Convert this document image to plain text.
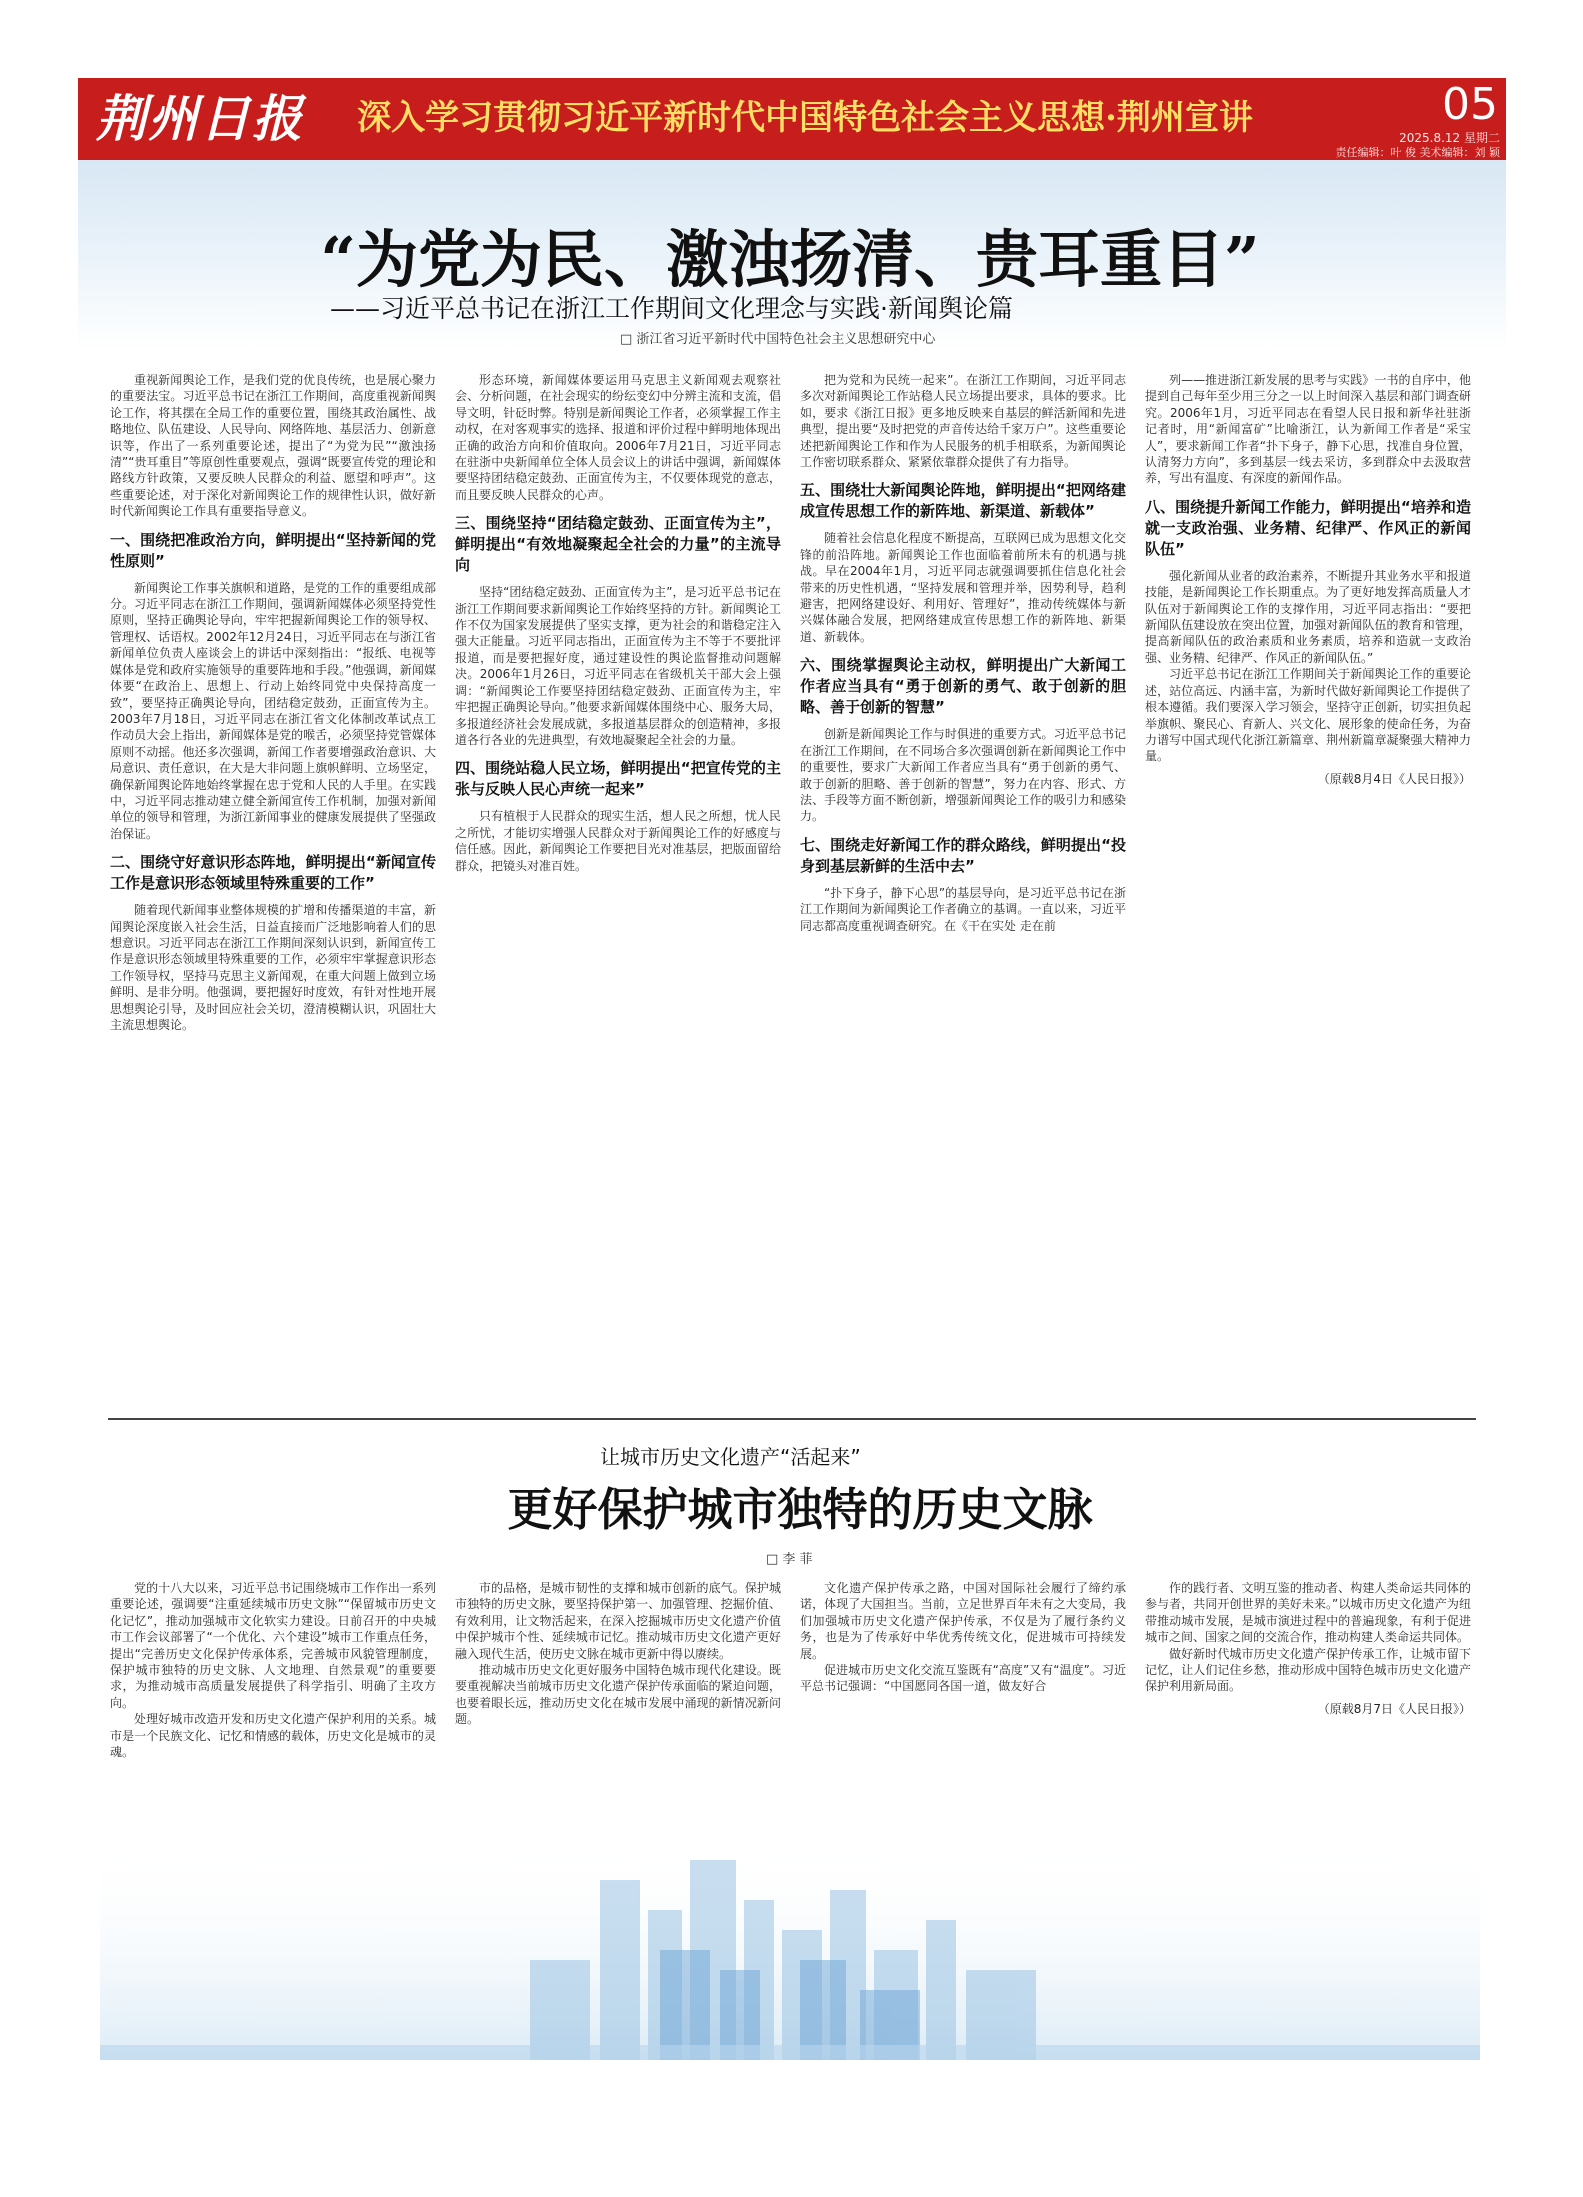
荆州日报	深入学习贯彻习近平新时代中国特色社会主义思想·荆州宣讲	05
2025.8.12 星期二
责任编辑：叶 俊 美术编辑：刘 颖
“为党为民、激浊扬清、贵耳重目”
——习近平总书记在浙江工作期间文化理念与实践·新闻舆论篇
□ 浙江省习近平新时代中国特色社会主义思想研究中心

重视新闻舆论工作，是我们党的优良传统，也是展心聚力的重要法宝。习近平总书记在浙江工作期间，高度重视新闻舆论工作，将其摆在全局工作的重要位置，围绕其政治属性、战略地位、队伍建设、人民导向、网络阵地、基层活力、创新意识等，作出了一系列重要论述，提出了“为党为民”“激浊扬清”“贵耳重目”等原创性重要观点，强调“既要宣传党的理论和路线方针政策，又要反映人民群众的利益、愿望和呼声”。这些重要论述，对于深化对新闻舆论工作的规律性认识，做好新时代新闻舆论工作具有重要指导意义。

一、围绕把准政治方向，鲜明提出“坚持新闻的党性原则”

新闻舆论工作事关旗帜和道路，是党的工作的重要组成部分。习近平同志在浙江工作期间，强调新闻媒体必须坚持党性原则，坚持正确舆论导向，牢牢把握新闻舆论工作的领导权、管理权、话语权。2002年12月24日，习近平同志在与浙江省新闻单位负责人座谈会上的讲话中深刻指出：“报纸、电视等媒体是党和政府实施领导的重要阵地和手段。”他强调，新闻媒体要“在政治上、思想上、行动上始终同党中央保持高度一致”，要坚持正确舆论导向，团结稳定鼓劲，正面宣传为主。2003年7月18日，习近平同志在浙江省文化体制改革试点工作动员大会上指出，新闻媒体是党的喉舌，必须坚持党管媒体原则不动摇。他还多次强调，新闻工作者要增强政治意识、大局意识、责任意识，在大是大非问题上旗帜鲜明、立场坚定，确保新闻舆论阵地始终掌握在忠于党和人民的人手里。在实践中，习近平同志推动建立健全新闻宣传工作机制，加强对新闻单位的领导和管理，为浙江新闻事业的健康发展提供了坚强政治保证。

二、围绕守好意识形态阵地，鲜明提出“新闻宣传工作是意识形态领域里特殊重要的工作”

随着现代新闻事业整体规模的扩增和传播渠道的丰富，新闻舆论深度嵌入社会生活，日益直接而广泛地影响着人们的思想意识。习近平同志在浙江工作期间深刻认识到，新闻宣传工作是意识形态领域里特殊重要的工作，必须牢牢掌握意识形态工作领导权，坚持马克思主义新闻观，在重大问题上做到立场鲜明、是非分明。他强调，要把握好时度效，有针对性地开展思想舆论引导，及时回应社会关切，澄清模糊认识，巩固壮大主流思想舆论。

形态环境，新闻媒体要运用马克思主义新闻观去观察社会、分析问题，在社会现实的纷纭变幻中分辨主流和支流，倡导文明，针砭时弊。特别是新闻舆论工作者，必须掌握工作主动权，在对客观事实的选择、报道和评价过程中鲜明地体现出正确的政治方向和价值取向。2006年7月21日，习近平同志在驻浙中央新闻单位全体人员会议上的讲话中强调，新闻媒体要坚持团结稳定鼓劲、正面宣传为主，不仅要体现党的意志，而且要反映人民群众的心声。

三、围绕坚持“团结稳定鼓劲、正面宣传为主”，鲜明提出“有效地凝聚起全社会的力量”的主流导向

坚持“团结稳定鼓劲、正面宣传为主”，是习近平总书记在浙江工作期间要求新闻舆论工作始终坚持的方针。新闻舆论工作不仅为国家发展提供了坚实支撑，更为社会的和谐稳定注入强大正能量。习近平同志指出，正面宣传为主不等于不要批评报道，而是要把握好度，通过建设性的舆论监督推动问题解决。2006年1月26日，习近平同志在省级机关干部大会上强调：“新闻舆论工作要坚持团结稳定鼓劲、正面宣传为主，牢牢把握正确舆论导向。”他要求新闻媒体围绕中心、服务大局，多报道经济社会发展成就，多报道基层群众的创造精神，多报道各行各业的先进典型，有效地凝聚起全社会的力量。

四、围绕站稳人民立场，鲜明提出“把宣传党的主张与反映人民心声统一起来”

只有植根于人民群众的现实生活，想人民之所想，忧人民之所忧，才能切实增强人民群众对于新闻舆论工作的好感度与信任感。因此，新闻舆论工作要把目光对准基层，把版面留给群众，把镜头对准百姓。

把为党和为民统一起来”。在浙江工作期间，习近平同志多次对新闻舆论工作站稳人民立场提出要求，具体的要求。比如，要求《浙江日报》更多地反映来自基层的鲜活新闻和先进典型，提出要“及时把党的声音传达给千家万户”。这些重要论述把新闻舆论工作和作为人民服务的机手相联系，为新闻舆论工作密切联系群众、紧紧依靠群众提供了有力指导。

五、围绕壮大新闻舆论阵地，鲜明提出“把网络建成宣传思想工作的新阵地、新渠道、新载体”

随着社会信息化程度不断提高，互联网已成为思想文化交锋的前沿阵地。新闻舆论工作也面临着前所未有的机遇与挑战。早在2004年1月，习近平同志就强调要抓住信息化社会带来的历史性机遇，“坚持发展和管理并举，因势利导，趋利避害，把网络建设好、利用好、管理好”，推动传统媒体与新兴媒体融合发展，把网络建成宣传思想工作的新阵地、新渠道、新载体。

六、围绕掌握舆论主动权，鲜明提出广大新闻工作者应当具有“勇于创新的勇气、敢于创新的胆略、善于创新的智慧”

创新是新闻舆论工作与时俱进的重要方式。习近平总书记在浙江工作期间，在不同场合多次强调创新在新闻舆论工作中的重要性，要求广大新闻工作者应当具有“勇于创新的勇气、敢于创新的胆略、善于创新的智慧”，努力在内容、形式、方法、手段等方面不断创新，增强新闻舆论工作的吸引力和感染力。

七、围绕走好新闻工作的群众路线，鲜明提出“投身到基层新鲜的生活中去”

“扑下身子，静下心思”的基层导向，是习近平总书记在浙江工作期间为新闻舆论工作者确立的基调。一直以来，习近平同志都高度重视调查研究。在《干在实处 走在前

列——推进浙江新发展的思考与实践》一书的自序中，他提到自己每年至少用三分之一以上时间深入基层和部门调查研究。2006年1月，习近平同志在看望人民日报和新华社驻浙记者时，用“新闻富矿”比喻浙江，认为新闻工作者是“采宝人”，要求新闻工作者“扑下身子，静下心思，找准自身位置，认清努力方向”，多到基层一线去采访，多到群众中去汲取营养，写出有温度、有深度的新闻作品。

八、围绕提升新闻工作能力，鲜明提出“培养和造就一支政治强、业务精、纪律严、作风正的新闻队伍”

强化新闻从业者的政治素养，不断提升其业务水平和报道技能，是新闻舆论工作长期重点。为了更好地发挥高质量人才队伍对于新闻舆论工作的支撑作用，习近平同志指出：“要把新闻队伍建设放在突出位置，加强对新闻队伍的教育和管理，提高新闻队伍的政治素质和业务素质，培养和造就一支政治强、业务精、纪律严、作风正的新闻队伍。”

习近平总书记在浙江工作期间关于新闻舆论工作的重要论述，站位高远、内涵丰富，为新时代做好新闻舆论工作提供了根本遵循。我们要深入学习领会，坚持守正创新，切实担负起举旗帜、聚民心、育新人、兴文化、展形象的使命任务，为奋力谱写中国式现代化浙江新篇章、荆州新篇章凝聚强大精神力量。

（原载8月4日《人民日报》）

让城市历史文化遗产“活起来”
更好保护城市独特的历史文脉
□ 李 菲

党的十八大以来，习近平总书记围绕城市工作作出一系列重要论述，强调要“注重延续城市历史文脉”“保留城市历史文化记忆”，推动加强城市文化软实力建设。日前召开的中央城市工作会议部署了“一个优化、六个建设”城市工作重点任务，提出“完善历史文化保护传承体系，完善城市风貌管理制度，保护城市独特的历史文脉、人文地理、自然景观”的重要要求，为推动城市高质量发展提供了科学指引、明确了主攻方向。

处理好城市改造开发和历史文化遗产保护利用的关系。城市是一个民族文化、记忆和情感的载体，历史文化是城市的灵魂。

市的品格，是城市韧性的支撑和城市创新的底气。保护城市独特的历史文脉，要坚持保护第一、加强管理、挖掘价值、有效利用，让文物活起来，在深入挖掘城市历史文化遗产价值中保护城市个性、延续城市记忆。推动城市历史文化遗产更好融入现代生活，使历史文脉在城市更新中得以赓续。

推动城市历史文化更好服务中国特色城市现代化建设。既要重视解决当前城市历史文化遗产保护传承面临的紧迫问题，也要着眼长远，推动历史文化在城市发展中涌现的新情况新问题。

文化遗产保护传承之路，中国对国际社会履行了缔约承诺，体现了大国担当。当前，立足世界百年未有之大变局，我们加强城市历史文化遗产保护传承，不仅是为了履行条约义务，也是为了传承好中华优秀传统文化，促进城市可持续发展。

促进城市历史文化交流互鉴既有“高度”又有“温度”。习近平总书记强调：“中国愿同各国一道，做友好合

作的践行者、文明互鉴的推动者、构建人类命运共同体的参与者，共同开创世界的美好未来。”以城市历史文化遗产为纽带推动城市发展，是城市演进过程中的普遍现象，有利于促进城市之间、国家之间的交流合作，推动构建人类命运共同体。

做好新时代城市历史文化遗产保护传承工作，让城市留下记忆，让人们记住乡愁，推动形成中国特色城市历史文化遗产保护利用新局面。

（原载8月7日《人民日报》）
